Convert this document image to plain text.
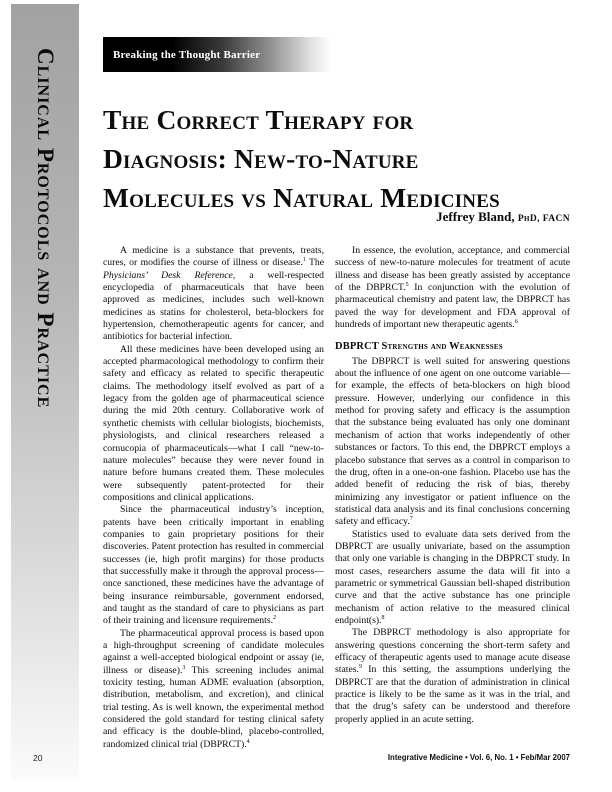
Clinical Protocols and Practice	Breaking the Thought Barrier
The Correct Therapy for
Diagnosis: New-to-Nature
Molecules vs Natural Medicines
Jeffrey Bland, PhD, FACN

A medicine is a substance that prevents, treats, cures, or modifies the course of illness or disease.$^1$ The Physicians’ Desk Reference, a well-respected encyclopedia of pharmaceuticals that have been approved as medicines, includes such well-known medicines as statins for cholesterol, beta-blockers for hypertension, chemotherapeutic agents for cancer, and antibiotics for bacterial infection.

All these medicines have been developed using an accepted pharmacological methodology to confirm their safety and efficacy as related to specific therapeutic claims. The methodology itself evolved as part of a legacy from the golden age of pharmaceutical science during the mid 20th century. Collaborative work of synthetic chemists with cellular biologists, biochemists, physiologists, and clinical researchers released a cornucopia of pharmaceuticals—what I call “new-to-nature molecules” because they were never found in nature before humans created them. These molecules were subsequently patent-protected for their compositions and clinical applications.

Since the pharmaceutical industry’s inception, patents have been critically important in enabling companies to gain proprietary positions for their discoveries. Patent protection has resulted in commercial successes (ie, high profit margins) for those products that successfully make it through the approval process—once sanctioned, these medicines have the advantage of being insurance reimbursable, government endorsed, and taught as the standard of care to physicians as part of their training and licensure requirements.$^2$

The pharmaceutical approval process is based upon a high-throughput screening of candidate molecules against a well-accepted biological endpoint or assay (ie, illness or disease).$^3$ This screening includes animal toxicity testing, human ADME evaluation (absorption, distribution, metabolism, and excretion), and clinical trial testing. As is well known, the experimental method considered the gold standard for testing clinical safety and efficacy is the double-blind, placebo-controlled, randomized clinical trial (DBPRCT).$^4$

In essence, the evolution, acceptance, and commercial success of new-to-nature molecules for treatment of acute illness and disease has been greatly assisted by acceptance of the DBPRCT.$^5$ In conjunction with the evolution of pharmaceutical chemistry and patent law, the DBPRCT has paved the way for development and FDA approval of hundreds of important new therapeutic agents.$^6$

DBPRCT Strengths and Weaknesses

The DBPRCT is well suited for answering questions about the influence of one agent on one outcome variable—for example, the effects of beta-blockers on high blood pressure. However, underlying our confidence in this method for proving safety and efficacy is the assumption that the substance being evaluated has only one dominant mechanism of action that works independently of other substances or factors. To this end, the DBPRCT employs a placebo substance that serves as a control in comparison to the drug, often in a one-on-one fashion. Placebo use has the added benefit of reducing the risk of bias, thereby minimizing any investigator or patient influence on the statistical data analysis and its final conclusions concerning safety and efficacy.$^7$

Statistics used to evaluate data sets derived from the DBPRCT are usually univariate, based on the assumption that only one variable is changing in the DBPRCT study. In most cases, researchers assume the data will fit into a parametric or symmetrical Gaussian bell-shaped distribution curve and that the active substance has one principle mechanism of action relative to the measured clinical endpoint(s).$^8$

The DBPRCT methodology is also appropriate for answering questions concerning the short-term safety and efficacy of therapeutic agents used to manage acute disease states.$^9$ In this setting, the assumptions underlying the DBPRCT are that the duration of administration in clinical practice is likely to be the same as it was in the trial, and that the drug’s safety can be understood and therefore properly applied in an acute setting.

20	Integrative Medicine • Vol. 6, No. 1 • Feb/Mar 2007
